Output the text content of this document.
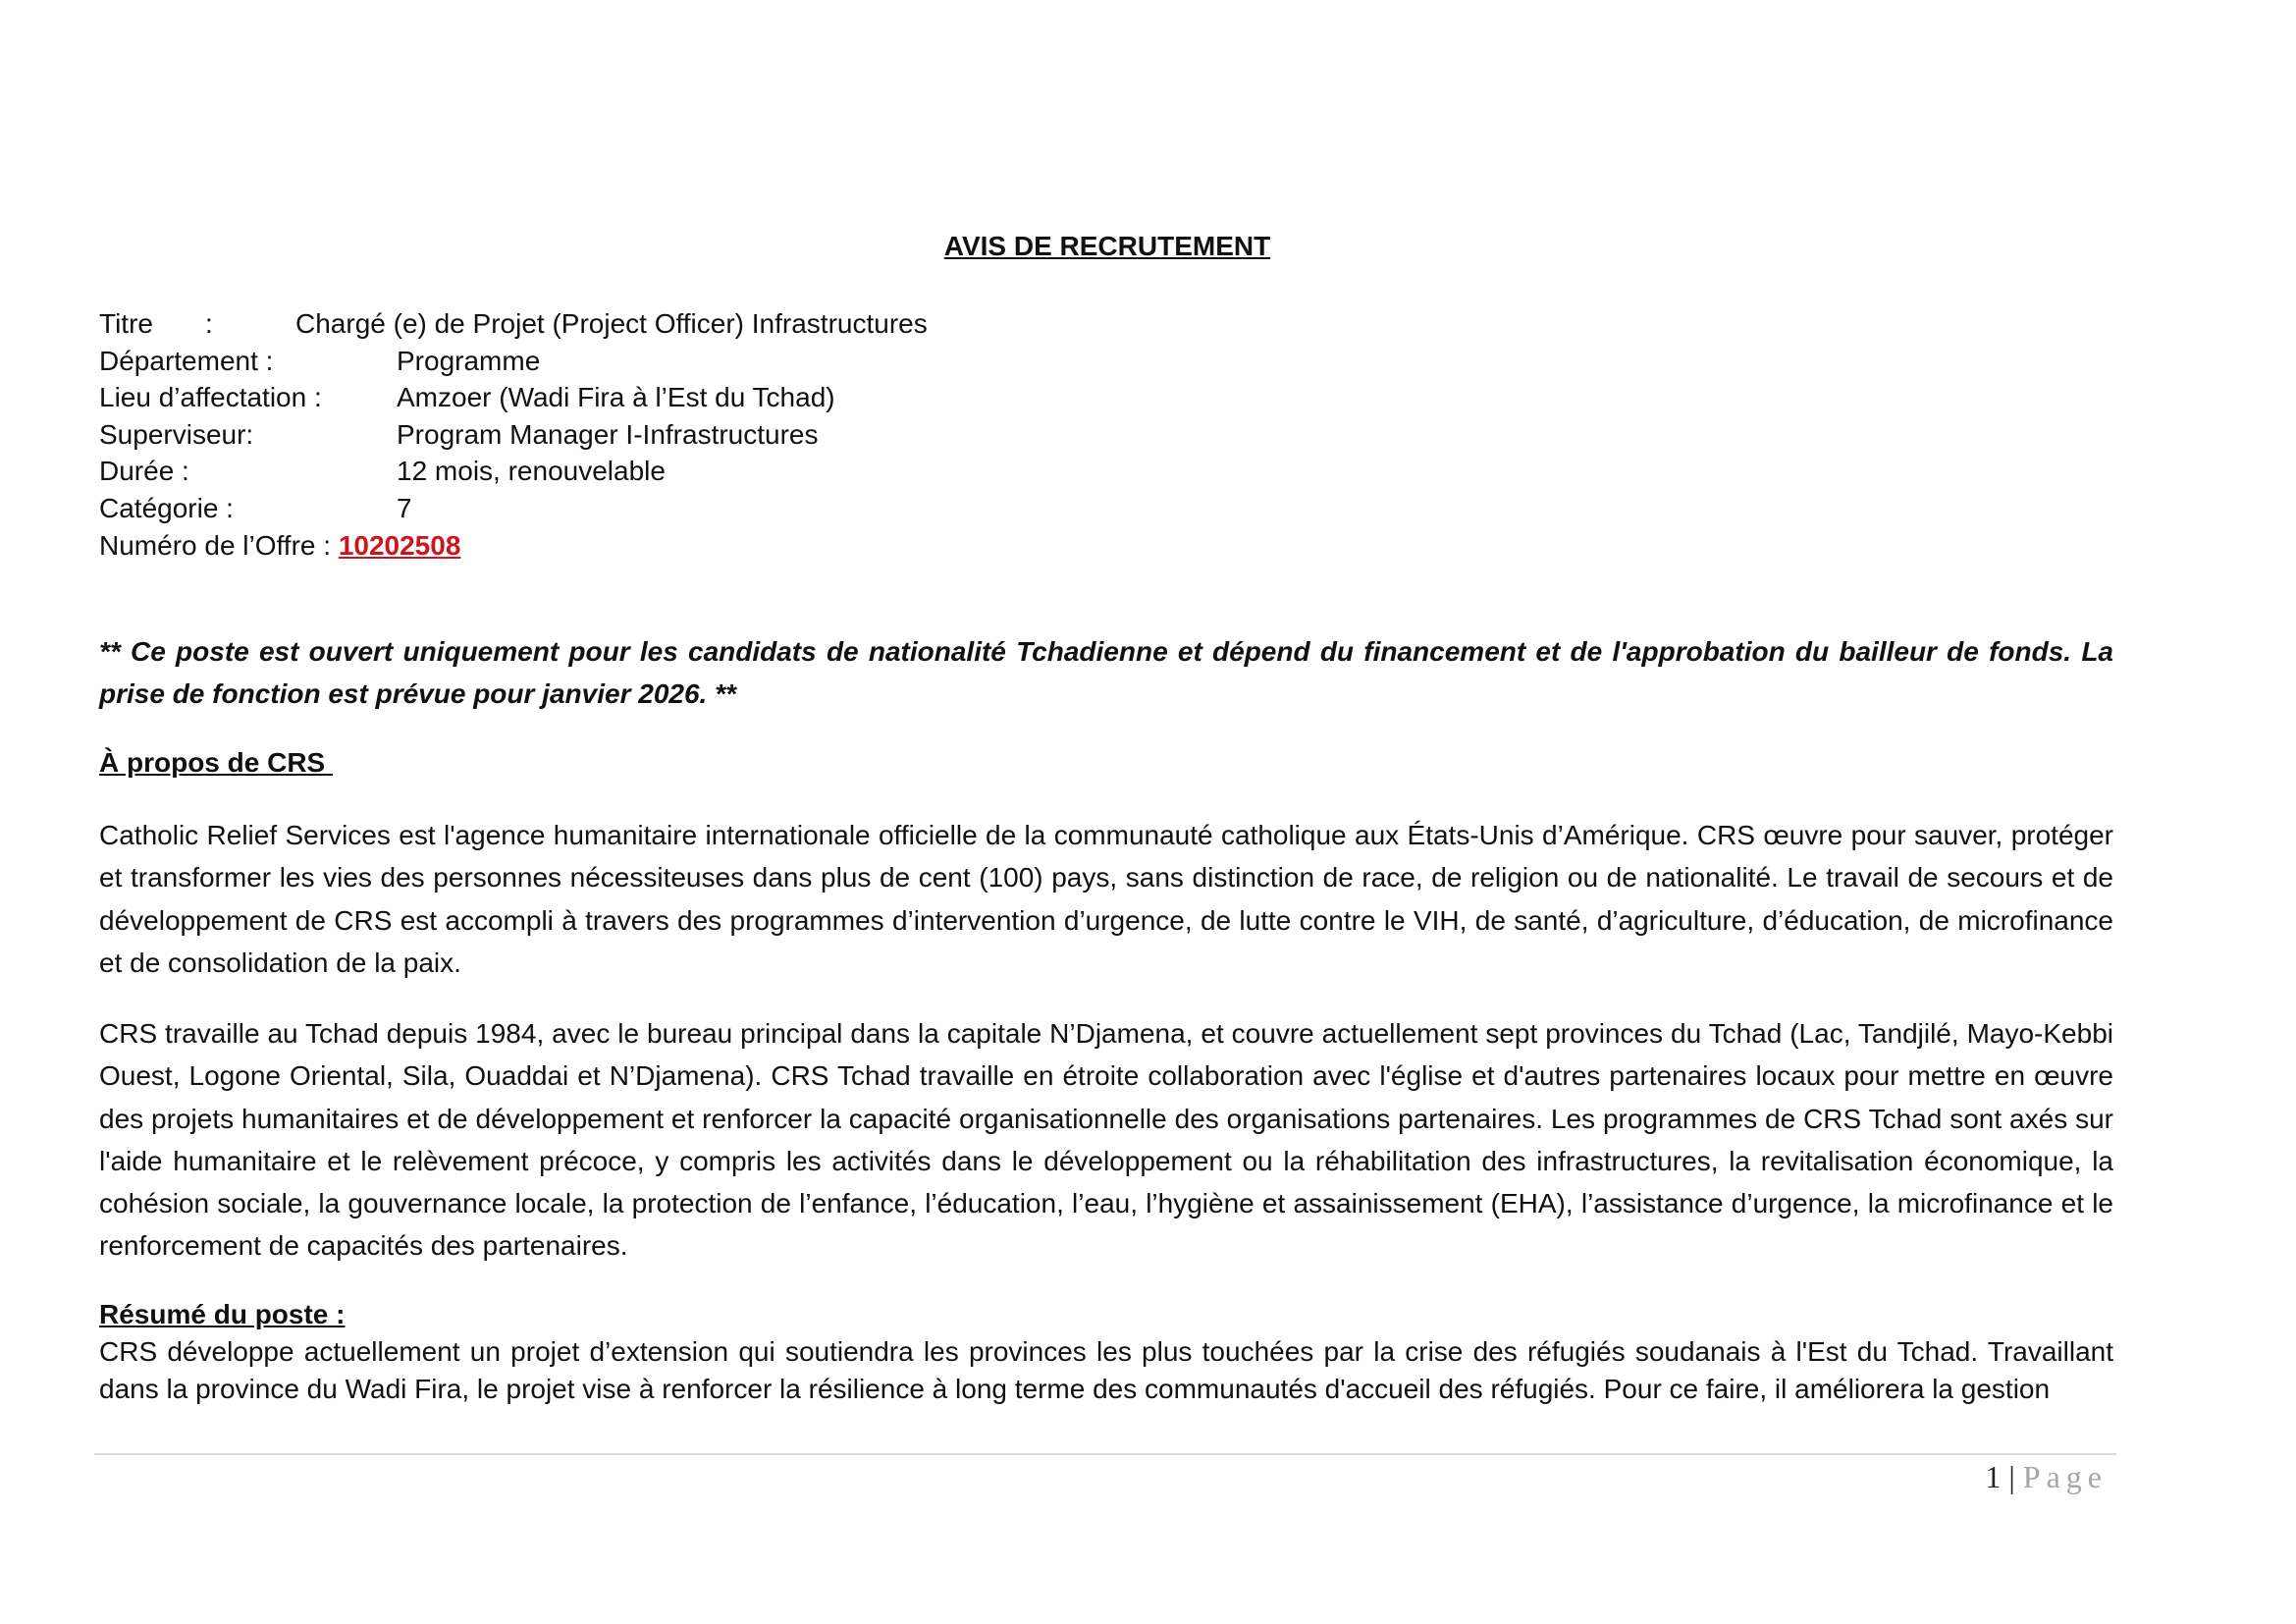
AVIS DE RECRUTEMENT
Titre :	Chargé (e) de Projet (Project Officer) Infrastructures
Département :	Programme
Lieu d’affectation :	Amzoer (Wadi Fira à l’Est du Tchad)
Superviseur:	Program Manager I-Infrastructures
Durée :	12 mois, renouvelable
Catégorie :	7
Numéro de l’Offre : 10202508
** Ce poste est ouvert uniquement pour les candidats de nationalité Tchadienne et dépend du financement et de l'approbation du bailleur de fonds. La prise de fonction est prévue pour janvier 2026. **
À propos de CRS
Catholic Relief Services est l'agence humanitaire internationale officielle de la communauté catholique aux États-Unis d’Amérique. CRS œuvre pour sauver, protéger et transformer les vies des personnes nécessiteuses dans plus de cent (100) pays, sans distinction de race, de religion ou de nationalité. Le travail de secours et de développement de CRS est accompli à travers des programmes d’intervention d’urgence, de lutte contre le VIH, de santé, d’agriculture, d’éducation, de microfinance et de consolidation de la paix.
CRS travaille au Tchad depuis 1984, avec le bureau principal dans la capitale N’Djamena, et couvre actuellement sept provinces du Tchad (Lac, Tandjilé, Mayo-Kebbi Ouest, Logone Oriental, Sila, Ouaddai et N’Djamena). CRS Tchad travaille en étroite collaboration avec l'église et d'autres partenaires locaux pour mettre en œuvre des projets humanitaires et de développement et renforcer la capacité organisationnelle des organisations partenaires. Les programmes de CRS Tchad sont axés sur l'aide humanitaire et le relèvement précoce, y compris les activités dans le développement ou la réhabilitation des infrastructures, la revitalisation économique, la cohésion sociale, la gouvernance locale, la protection de l’enfance, l’éducation, l’eau, l’hygiène et assainissement (EHA), l’assistance d’urgence, la microfinance et le renforcement de capacités des partenaires.
Résumé du poste :
CRS développe actuellement un projet d’extension qui soutiendra les provinces les plus touchées par la crise des réfugiés soudanais à l'Est du Tchad. Travaillant dans la province du Wadi Fira, le projet vise à renforcer la résilience à long terme des communautés d'accueil des réfugiés. Pour ce faire, il améliorera la gestion
1 | Page
